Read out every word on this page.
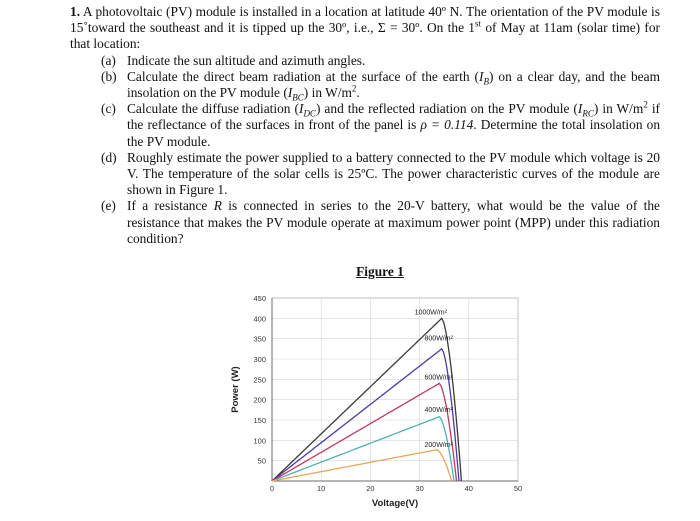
1. A photovoltaic (PV) module is installed in a location at latitude 40º N. The orientation of the PV module is 15˚toward the southeast and it is tipped up the 30º, i.e., Σ = 30º. On the 1st of May at 11am (solar time) for that location:

(a) Indicate the sun altitude and azimuth angles.
(b) Calculate the direct beam radiation at the surface of the earth $(I_B)$ on a clear day, and the beam insolation on the PV module $(I_{BC})$ in $W/m^2$.
(c) Calculate the diffuse radiation $(I_{DC})$ and the reflected radiation on the PV module $(I_{RC})$ in $W/m^2$ if the reflectance of the surfaces in front of the panel is ρ = 0.114. Determine the total insolation on the PV module.
(d) Roughly estimate the power supplied to a battery connected to the PV module which voltage is 20 V. The temperature of the solar cells is 25ºC. The power characteristic curves of the module are shown in Figure 1.
(e) If a resistance R is connected in series to the 20-V battery, what would be the value of the resistance that makes the PV module operate at maximum power point (MPP) under this radiation condition?
Figure 1
50
100
150
200
250
300
350
400
450
0	10	20	30	40	50
1000W/m²
800W/m²
600W/m²
400W/m²
200W/m²
Voltage(V)
Power (W)
